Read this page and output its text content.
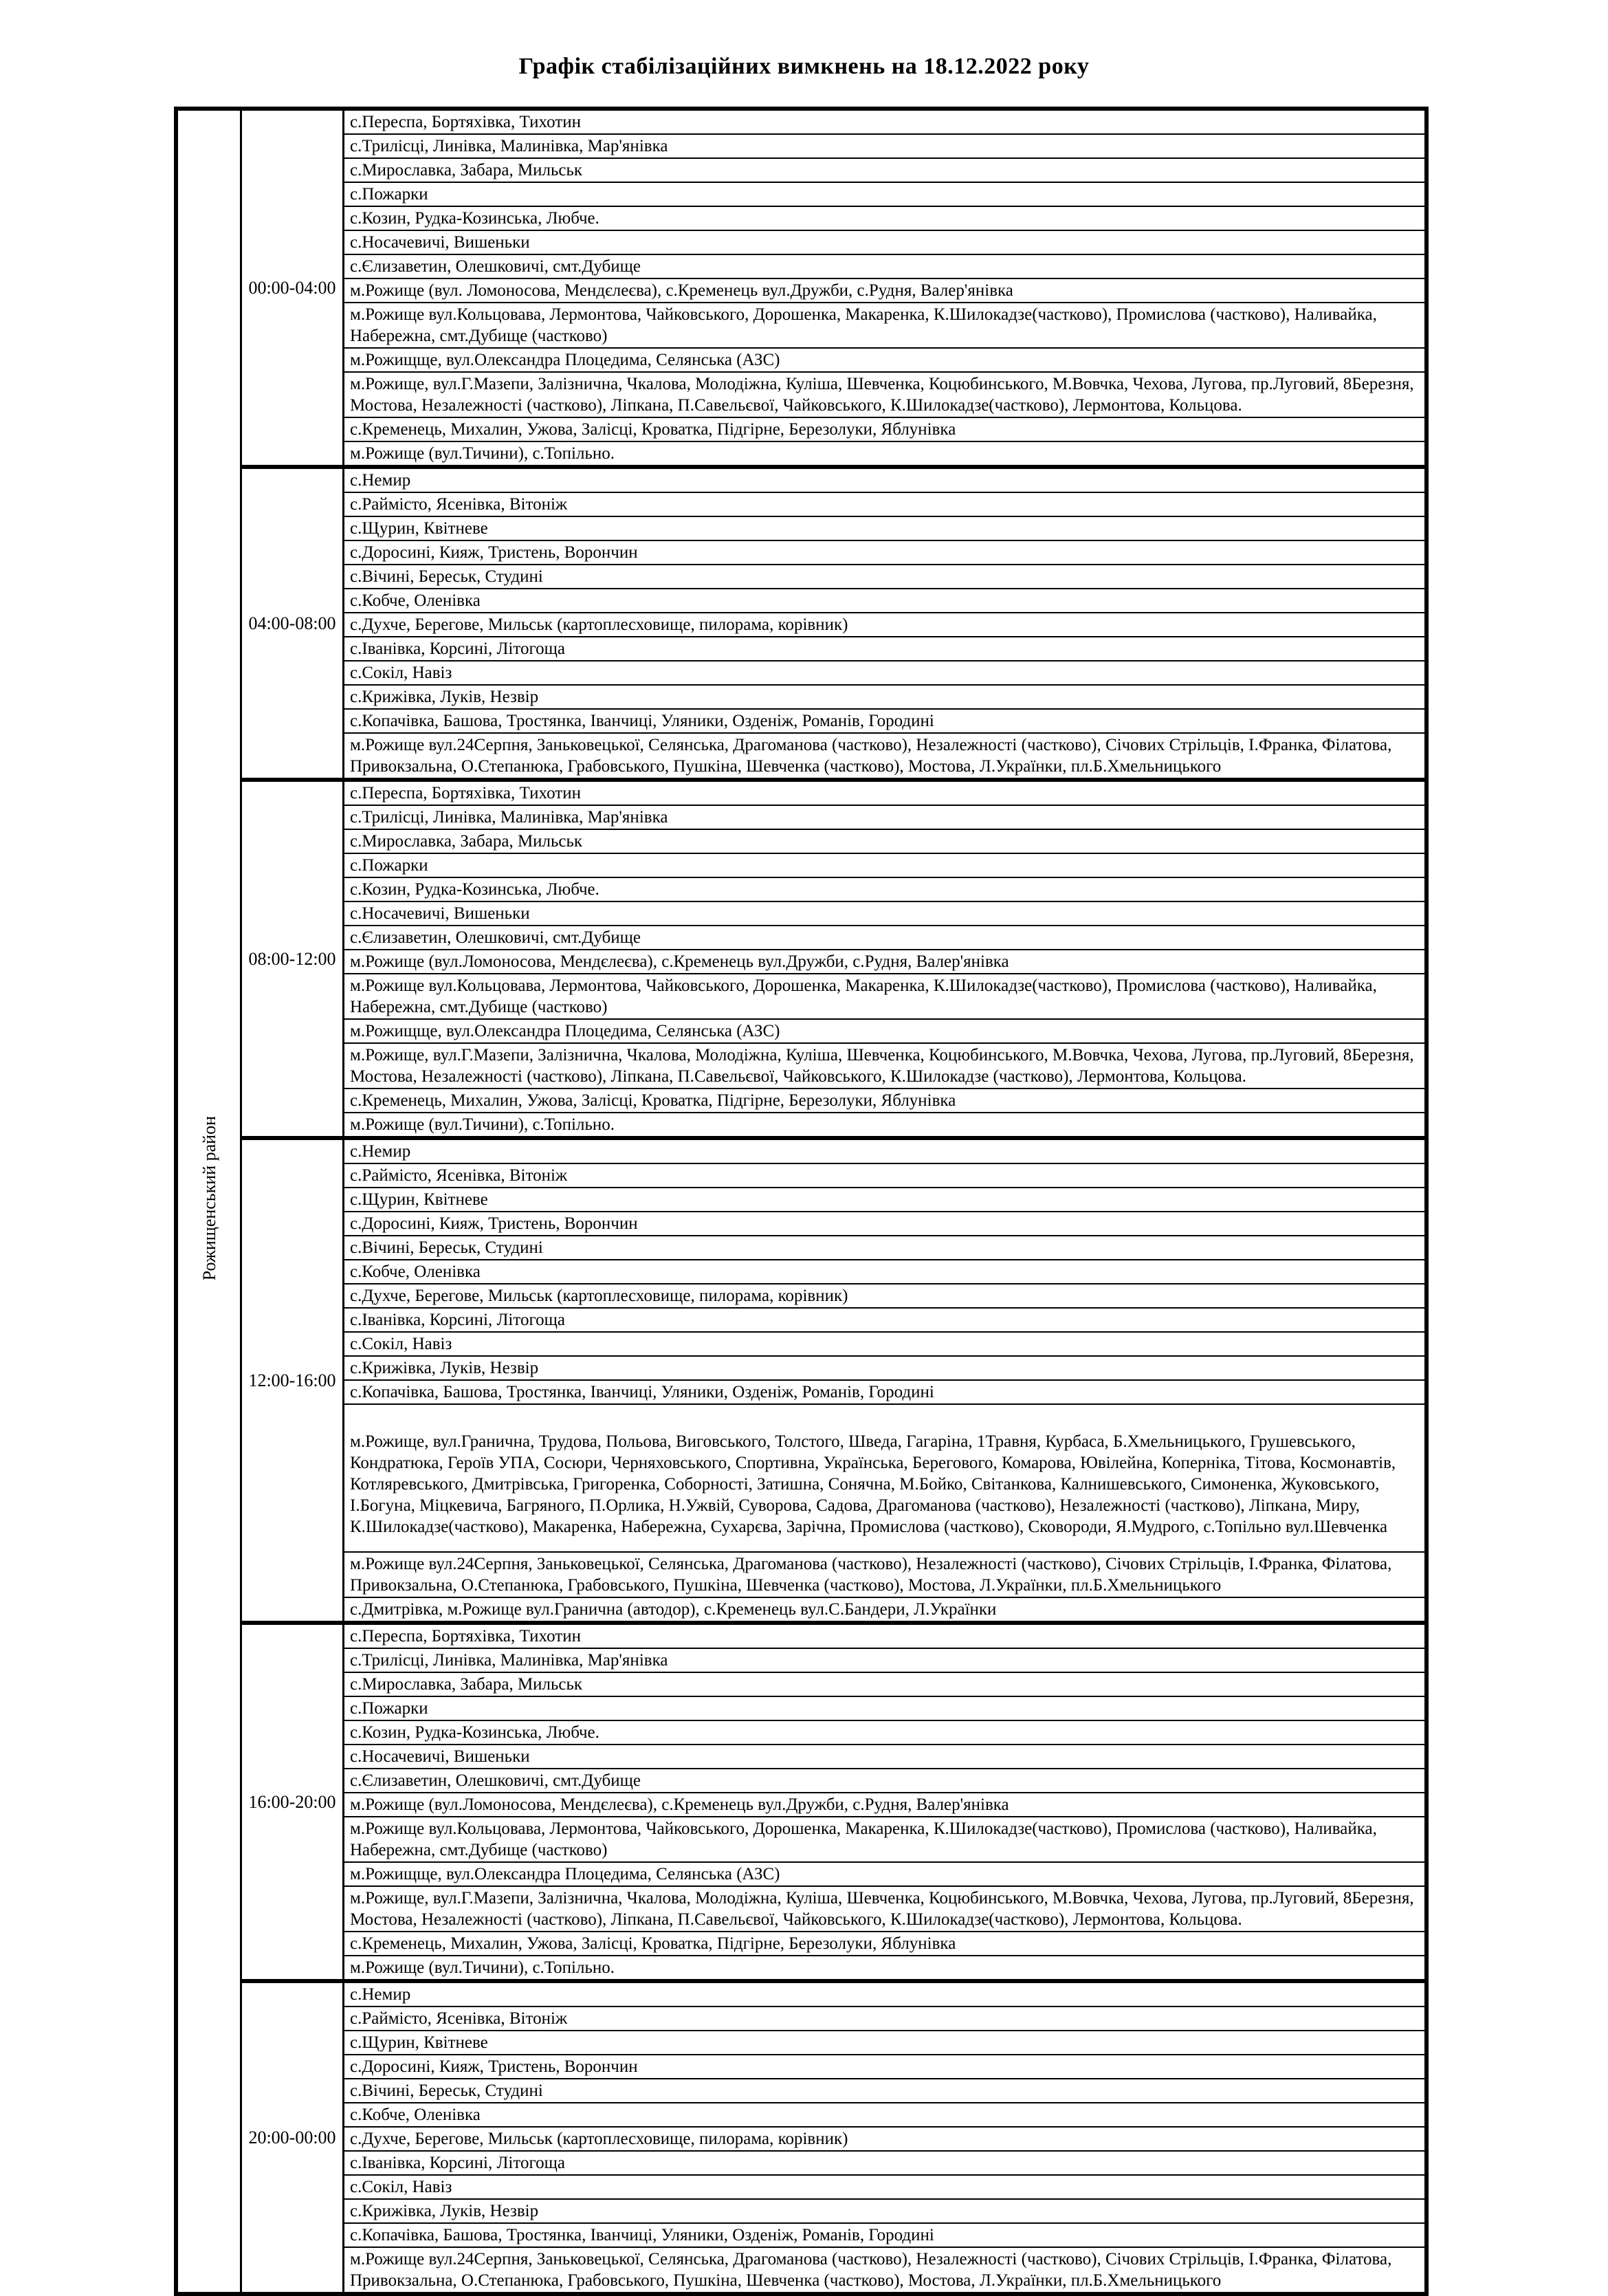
Графік стабілізаційних вимкнень на 18.12.2022 року
Рожищенський район	00:00-04:00	с.Переспа, Бортяхівка, Тихотин
		с.Трилісці, Линівка, Малинівка, Мар'янівка
		с.Мирославка, Забара, Мильськ
		с.Пожарки
		с.Козин, Рудка-Козинська, Любче.
		с.Носачевичі, Вишеньки
		с.Єлизаветин, Олешковичі, смт.Дубище
		м.Рожище (вул. Ломоносова, Мендєлеєва), с.Кременець вул.Дружби, с.Рудня, Валер'янівка
		м.Рожище вул.Кольцовава, Лермонтова, Чайковського, Дорошенка, Макаренка, К.Шилокадзе(частково), Промислова (частково), Наливайка, Набережна, смт.Дубище (частково)
		м.Рожищще, вул.Олександра Плоцедима, Селянська (АЗС)
		м.Рожище, вул.Г.Мазепи, Залізнична, Чкалова, Молодіжна, Куліша, Шевченка, Коцюбинського, М.Вовчка, Чехова, Лугова, пр.Луговий, 8Березня, Мостова, Незалежності (частково), Ліпкана, П.Савельєвої, Чайковського, К.Шилокадзе(частково), Лермонтова, Кольцова.
		с.Кременець, Михалин, Ужова, Залісці, Кроватка, Підгірне, Березолуки, Яблунівка
		м.Рожище (вул.Тичини), с.Топільно.
	04:00-08:00	с.Немир
		с.Раймісто, Ясенівка, Вітоніж
		с.Щурин, Квітневе
		с.Доросині, Кияж, Тристень, Ворончин
		с.Вічині, Береськ, Студині
		с.Кобче, Оленівка
		с.Духче, Берегове, Мильськ (картоплесховище, пилорама, корівник)
		с.Іванівка, Корсині, Літогоща
		с.Сокіл, Навіз
		с.Крижівка, Луків, Незвір
		с.Копачівка, Башова, Тростянка, Іванчиці, Уляники, Озденіж, Романів, Городині
		м.Рожище вул.24Серпня, Заньковецької, Селянська, Драгоманова (частково), Незалежності (частково), Січових Стрільців, І.Франка, Філатова, Привокзальна, О.Степанюка, Грабовського, Пушкіна, Шевченка (частково), Мостова, Л.Українки, пл.Б.Хмельницького
	08:00-12:00	с.Переспа, Бортяхівка, Тихотин
		с.Трилісці, Линівка, Малинівка, Мар'янівка
		с.Мирославка, Забара, Мильськ
		с.Пожарки
		с.Козин, Рудка-Козинська, Любче.
		с.Носачевичі, Вишеньки
		с.Єлизаветин, Олешковичі, смт.Дубище
		м.Рожище (вул.Ломоносова, Мендєлеєва), с.Кременець вул.Дружби, с.Рудня, Валер'янівка
		м.Рожище вул.Кольцовава, Лермонтова, Чайковського, Дорошенка, Макаренка, К.Шилокадзе(частково), Промислова (частково), Наливайка, Набережна, смт.Дубище (частково)
		м.Рожищще, вул.Олександра Плоцедима, Селянська (АЗС)
		м.Рожище, вул.Г.Мазепи, Залізнична, Чкалова, Молодіжна, Куліша, Шевченка, Коцюбинського, М.Вовчка, Чехова, Лугова, пр.Луговий, 8Березня, Мостова, Незалежності (частково), Ліпкана, П.Савельєвої, Чайковського, К.Шилокадзе (частково), Лермонтова, Кольцова.
		с.Кременець, Михалин, Ужова, Залісці, Кроватка, Підгірне, Березолуки, Яблунівка
		м.Рожище (вул.Тичини), с.Топільно.
	12:00-16:00	с.Немир
		с.Раймісто, Ясенівка, Вітоніж
		с.Щурин, Квітневе
		с.Доросині, Кияж, Тристень, Ворончин
		с.Вічині, Береськ, Студині
		с.Кобче, Оленівка
		с.Духче, Берегове, Мильськ (картоплесховище, пилорама, корівник)
		с.Іванівка, Корсині, Літогоща
		с.Сокіл, Навіз
		с.Крижівка, Луків, Незвір
		с.Копачівка, Башова, Тростянка, Іванчиці, Уляники, Озденіж, Романів, Городині
		м.Рожище, вул.Гранична, Трудова, Польова, Виговського, Толстого, Шведа, Гагаріна, 1Травня, Курбаса, Б.Хмельницького, Грушевського, Кондратюка, Героїв УПА, Сосюри, Черняховського, Спортивна, Українська, Берегового, Комарова, Ювілейна, Коперніка, Тітова, Космонавтів, Котляревського, Дмитрівська, Григоренка, Соборності, Затишна, Сонячна, М.Бойко, Світанкова, Калнишевського, Симоненка, Жуковського, І.Богуна, Міцкевича, Багряного, П.Орлика, Н.Ужвій, Суворова, Садова, Драгоманова (частково), Незалежності (частково), Ліпкана, Миру, К.Шилокадзе(частково), Макаренка, Набережна, Сухарєва, Зарічна, Промислова (частково), Сковороди, Я.Мудрого, с.Топільно вул.Шевченка
		м.Рожище вул.24Серпня, Заньковецької, Селянська, Драгоманова (частково), Незалежності (частково), Січових Стрільців, І.Франка, Філатова, Привокзальна, О.Степанюка, Грабовського, Пушкіна, Шевченка (частково), Мостова, Л.Українки, пл.Б.Хмельницького
		с.Дмитрівка, м.Рожище вул.Гранична (автодор), с.Кременець вул.С.Бандери, Л.Українки
	16:00-20:00	с.Переспа, Бортяхівка, Тихотин
		с.Трилісці, Линівка, Малинівка, Мар'янівка
		с.Мирославка, Забара, Мильськ
		с.Пожарки
		с.Козин, Рудка-Козинська, Любче.
		с.Носачевичі, Вишеньки
		с.Єлизаветин, Олешковичі, смт.Дубище
		м.Рожище (вул.Ломоносова, Мендєлеєва), с.Кременець вул.Дружби, с.Рудня, Валер'янівка
		м.Рожище вул.Кольцовава, Лермонтова, Чайковського, Дорошенка, Макаренка, К.Шилокадзе(частково), Промислова (частково), Наливайка, Набережна, смт.Дубище (частково)
		м.Рожищще, вул.Олександра Плоцедима, Селянська (АЗС)
		м.Рожище, вул.Г.Мазепи, Залізнична, Чкалова, Молодіжна, Куліша, Шевченка, Коцюбинського, М.Вовчка, Чехова, Лугова, пр.Луговий, 8Березня, Мостова, Незалежності (частково), Ліпкана, П.Савельєвої, Чайковського, К.Шилокадзе(частково), Лермонтова, Кольцова.
		с.Кременець, Михалин, Ужова, Залісці, Кроватка, Підгірне, Березолуки, Яблунівка
		м.Рожище (вул.Тичини), с.Топільно.
	20:00-00:00	с.Немир
		с.Раймісто, Ясенівка, Вітоніж
		с.Щурин, Квітневе
		с.Доросині, Кияж, Тристень, Ворончин
		с.Вічині, Береськ, Студині
		с.Кобче, Оленівка
		с.Духче, Берегове, Мильськ (картоплесховище, пилорама, корівник)
		с.Іванівка, Корсині, Літогоща
		с.Сокіл, Навіз
		с.Крижівка, Луків, Незвір
		с.Копачівка, Башова, Тростянка, Іванчиці, Уляники, Озденіж, Романів, Городині
		м.Рожище вул.24Серпня, Заньковецької, Селянська, Драгоманова (частково), Незалежності (частково), Січових Стрільців, І.Франка, Філатова, Привокзальна, О.Степанюка, Грабовського, Пушкіна, Шевченка (частково), Мостова, Л.Українки, пл.Б.Хмельницького
